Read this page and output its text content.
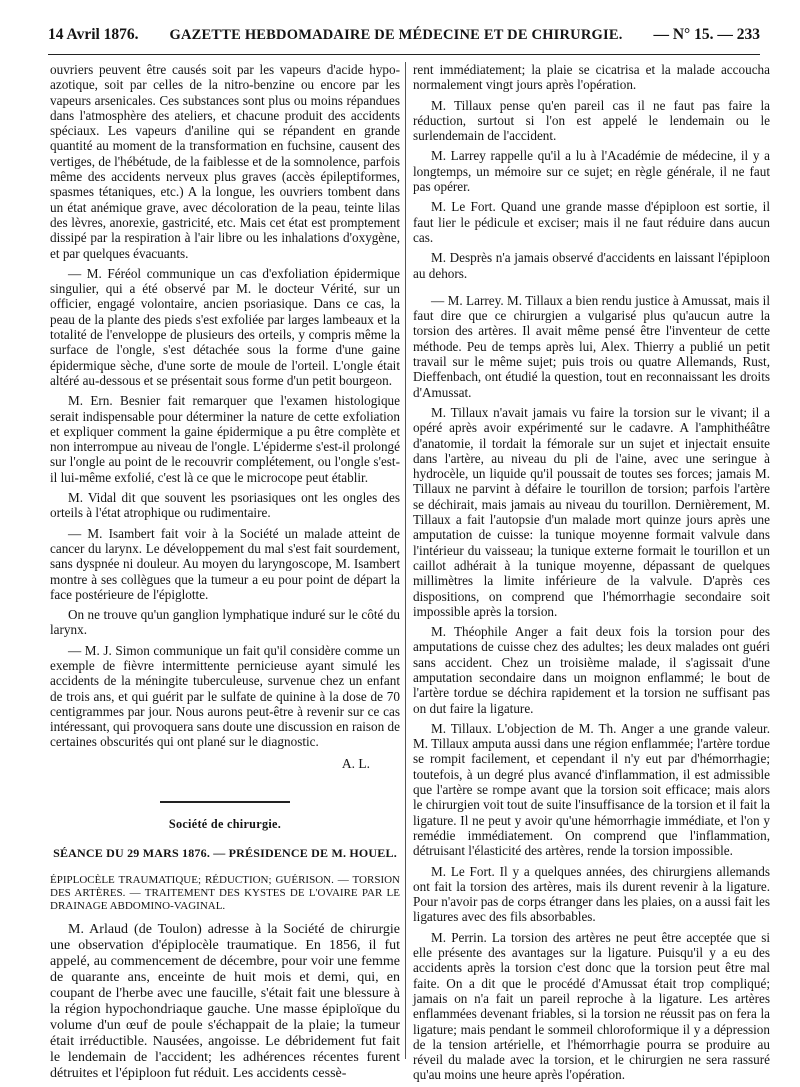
14 Avril 1876. GAZETTE HEBDOMADAIRE DE MÉDECINE ET DE CHIRURGIE. — N° 15. — 233

ouvriers peuvent être causés soit par les vapeurs d'acide hypo-azotique, soit par celles de la nitro-benzine ou encore par les vapeurs arsenicales. Ces substances sont plus ou moins répandues dans l'atmosphère des ateliers, et chacune produit des accidents spéciaux. Les vapeurs d'aniline qui se répandent en grande quantité au moment de la transformation en fuchsine, causent des vertiges, de l'hébétude, de la faiblesse et de la somnolence, parfois même des accidents nerveux plus graves (accès épileptiformes, spasmes tétaniques, etc.) A la longue, les ouvriers tombent dans un état anémique grave, avec décoloration de la peau, teinte lilas des lèvres, anorexie, gastricité, etc. Mais cet état est promptement dissipé par la respiration à l'air libre ou les inhalations d'oxygène, et par quelques évacuants.

— M. Féréol communique un cas d'exfoliation épidermique singulier, qui a été observé par M. le docteur Vérité, sur un officier, engagé volontaire, ancien psoriasique. Dans ce cas, la peau de la plante des pieds s'est exfoliée par larges lambeaux et la totalité de l'enveloppe de plusieurs des orteils, y compris même la surface de l'ongle, s'est détachée sous la forme d'une gaine épidermique sèche, d'une sorte de moule de l'orteil. L'ongle était altéré au-dessous et se présentait sous forme d'un petit bourgeon.

M. Ern. Besnier fait remarquer que l'examen histologique serait indispensable pour déterminer la nature de cette exfoliation et expliquer comment la gaine épidermique a pu être complète et non interrompue au niveau de l'ongle. L'épiderme s'est-il prolongé sur l'ongle au point de le recouvrir complétement, ou l'ongle s'est-il lui-même exfolié, c'est là ce que le microcope peut établir.

M. Vidal dit que souvent les psoriasiques ont les ongles des orteils à l'état atrophique ou rudimentaire.

— M. Isambert fait voir à la Société un malade atteint de cancer du larynx. Le développement du mal s'est fait sourdement, sans dyspnée ni douleur. Au moyen du laryngoscope, M. Isambert montre à ses collègues que la tumeur a eu pour point de départ la face postérieure de l'épiglotte.

On ne trouve qu'un ganglion lymphatique induré sur le côté du larynx.

— M. J. Simon communique un fait qu'il considère comme un exemple de fièvre intermittente pernicieuse ayant simulé les accidents de la méningite tuberculeuse, survenue chez un enfant de trois ans, et qui guérit par le sulfate de quinine à la dose de 70 centigrammes par jour. Nous aurons peut-être à revenir sur ce cas intéressant, qui provoquera sans doute une discussion en raison de certaines obscurités qui ont plané sur le diagnostic.

A. L.
Société de chirurgie.
SÉANCE DU 29 MARS 1876. — PRÉSIDENCE DE M. HOUEL.

ÉPIPLOCÈLE TRAUMATIQUE; RÉDUCTION; GUÉRISON. — TORSION DES ARTÈRES. — TRAITEMENT DES KYSTES DE L'OVAIRE PAR LE DRAINAGE ABDOMINO-VAGINAL.

M. Arlaud (de Toulon) adresse à la Société de chirurgie une observation d'épiplocèle traumatique. En 1856, il fut appelé, au commencement de décembre, pour voir une femme de quarante ans, enceinte de huit mois et demi, qui, en coupant de l'herbe avec une faucille, s'était fait une blessure à la région hypochondriaque gauche. Une masse épiploïque du volume d'un œuf de poule s'échappait de la plaie; la tumeur était irréductible. Nausées, angoisse. Le débridement fut fait le lendemain de l'accident; les adhérences récentes furent détruites et l'épiploon fut réduit. Les accidents cessè-

rent immédiatement; la plaie se cicatrisa et la malade accoucha normalement vingt jours après l'opération.

M. Tillaux pense qu'en pareil cas il ne faut pas faire la réduction, surtout si l'on est appelé le lendemain ou le surlendemain de l'accident.

M. Larrey rappelle qu'il a lu à l'Académie de médecine, il y a longtemps, un mémoire sur ce sujet; en règle générale, il ne faut pas opérer.

M. Le Fort. Quand une grande masse d'épiploon est sortie, il faut lier le pédicule et exciser; mais il ne faut réduire dans aucun cas.

M. Desprès n'a jamais observé d'accidents en laissant l'épiploon au dehors.

— M. Larrey. M. Tillaux a bien rendu justice à Amussat, mais il faut dire que ce chirurgien a vulgarisé plus qu'aucun autre la torsion des artères. Il avait même pensé être l'inventeur de cette méthode. Peu de temps après lui, Alex. Thierry a publié un petit travail sur le même sujet; puis trois ou quatre Allemands, Rust, Dieffenbach, ont étudié la question, tout en reconnaissant les droits d'Amussat.

M. Tillaux n'avait jamais vu faire la torsion sur le vivant; il a opéré après avoir expérimenté sur le cadavre. A l'amphithéâtre d'anatomie, il tordait la fémorale sur un sujet et injectait ensuite dans l'artère, au niveau du pli de l'aine, avec une seringue à hydrocèle, un liquide qu'il poussait de toutes ses forces; jamais M. Tillaux ne parvint à défaire le tourillon de torsion; parfois l'artère se déchirait, mais jamais au niveau du tourillon. Dernièrement, M. Tillaux a fait l'autopsie d'un malade mort quinze jours après une amputation de cuisse: la tunique moyenne formait valvule dans l'intérieur du vaisseau; la tunique externe formait le tourillon et un caillot adhérait à la tunique moyenne, dépassant de quelques millimètres la limite inférieure de la valvule. D'après ces dispositions, on comprend que l'hémorrhagie secondaire soit impossible après la torsion.

M. Théophile Anger a fait deux fois la torsion pour des amputations de cuisse chez des adultes; les deux malades ont guéri sans accident. Chez un troisième malade, il s'agissait d'une amputation secondaire dans un moignon enflammé; le bout de l'artère tordue se déchira rapidement et la torsion ne suffisant pas on dut faire la ligature.

M. Tillaux. L'objection de M. Th. Anger a une grande valeur. M. Tillaux amputa aussi dans une région enflammée; l'artère tordue se rompit facilement, et cependant il n'y eut par d'hémorrhagie; toutefois, à un degré plus avancé d'inflammation, il est admissible que l'artère se rompe avant que la torsion soit efficace; mais alors le chirurgien voit tout de suite l'insuffisance de la torsion et il fait la ligature. Il ne peut y avoir qu'une hémorrhagie immédiate, et l'on y remédie immédiatement. On comprend que l'inflammation, détruisant l'élasticité des artères, rende la torsion impossible.

M. Le Fort. Il y a quelques années, des chirurgiens allemands ont fait la torsion des artères, mais ils durent revenir à la ligature. Pour n'avoir pas de corps étranger dans les plaies, on a aussi fait les ligatures avec des fils absorbables.

M. Perrin. La torsion des artères ne peut être acceptée que si elle présente des avantages sur la ligature. Puisqu'il y a eu des accidents après la torsion c'est donc que la torsion peut être mal faite. On a dit que le procédé d'Amussat était trop compliqué; jamais on n'a fait un pareil reproche à la ligature. Les artères enflammées devenant friables, si la torsion ne réussit pas on fera la ligature; mais pendant le sommeil chloroformique il y a dépression de la tension artérielle, et l'hémorrhagie pourra se produire au réveil du malade avec la torsion, et le chirurgien ne sera rassuré qu'au moins une heure après l'opération.
